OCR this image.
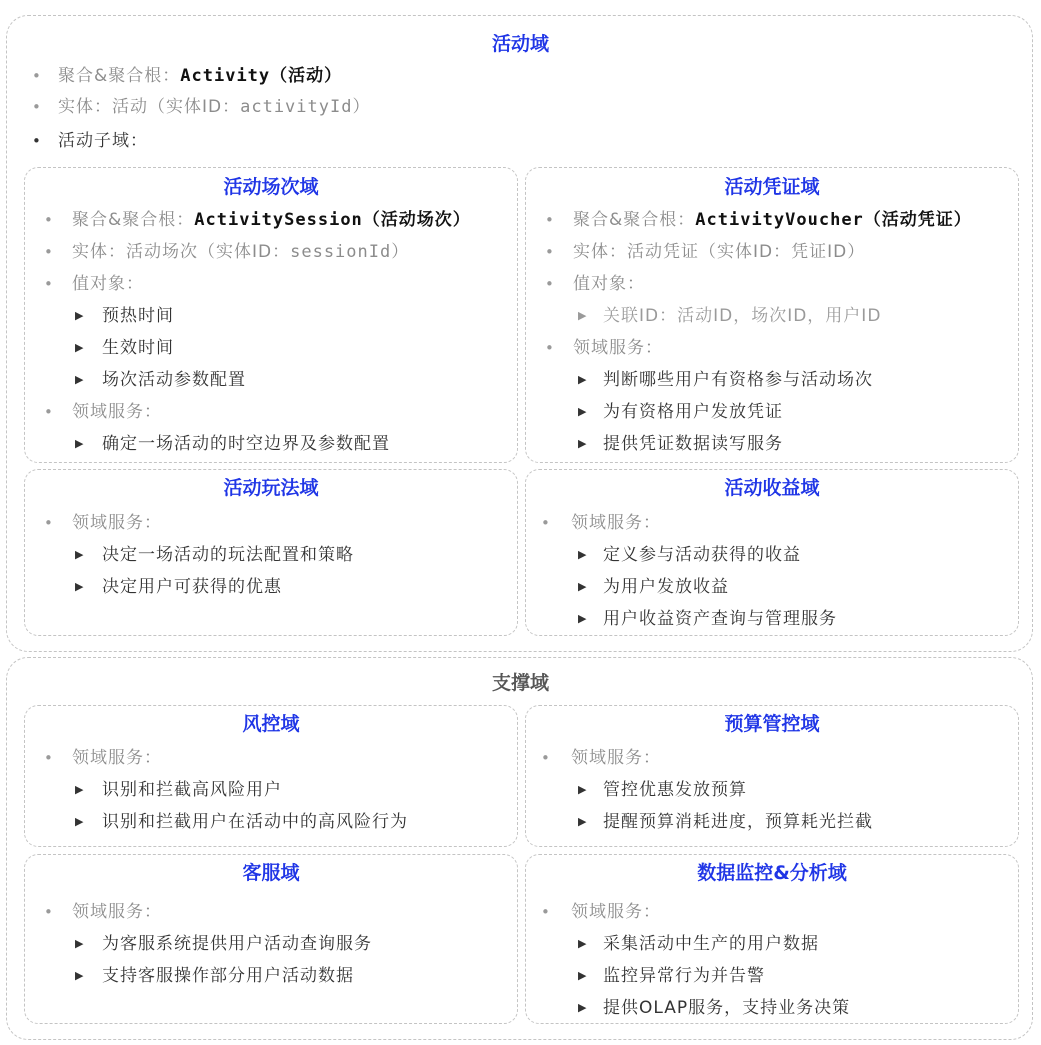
活动域
• 聚合&聚合根：Activity（活动）
• 实体：活动（实体ID：activityId）
• 活动子域：
活动场次域
• 聚合&聚合根：ActivitySession（活动场次）
• 实体：活动场次（实体ID：sessionId）
• 值对象：
▶ 预热时间
▶ 生效时间
▶ 场次活动参数配置
• 领域服务：
▶ 确定一场活动的时空边界及参数配置
活动凭证域
• 聚合&聚合根：ActivityVoucher（活动凭证）
• 实体：活动凭证（实体ID：凭证ID）
• 值对象：
▶ 关联ID：活动ID，场次ID，用户ID
• 领域服务：
▶ 判断哪些用户有资格参与活动场次
▶ 为有资格用户发放凭证
▶ 提供凭证数据读写服务
活动玩法域
• 领域服务：
▶ 决定一场活动的玩法配置和策略
▶ 决定用户可获得的优惠
活动收益域
• 领域服务：
▶ 定义参与活动获得的收益
▶ 为用户发放收益
▶ 用户收益资产查询与管理服务
支撑域
风控域
• 领域服务：
▶ 识别和拦截高风险用户
▶ 识别和拦截用户在活动中的高风险行为
预算管控域
• 领域服务：
▶ 管控优惠发放预算
▶ 提醒预算消耗进度，预算耗光拦截
客服域
• 领域服务：
▶ 为客服系统提供用户活动查询服务
▶ 支持客服操作部分用户活动数据
数据监控&分析域
• 领域服务：
▶ 采集活动中生产的用户数据
▶ 监控异常行为并告警
▶ 提供OLAP服务，支持业务决策
